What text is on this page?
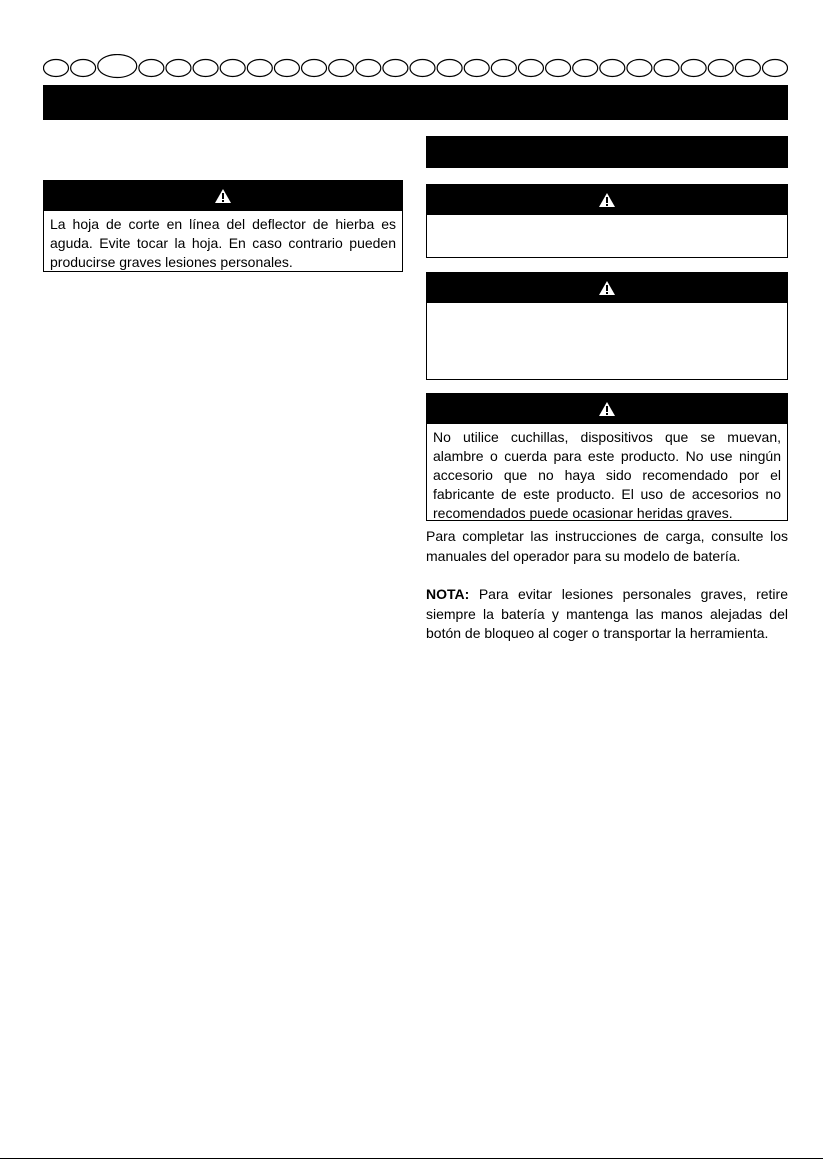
La hoja de corte en línea del deflector de hierba es aguda. Evite tocar la hoja. En caso contrario pueden producirse graves lesiones personales.
No utilice cuchillas, dispositivos que se muevan, alambre o cuerda para este producto. No use ningún accesorio que no haya sido recomendado por el fabricante de este producto. El uso de accesorios no recomendados puede ocasionar heridas graves.
Para completar las instrucciones de carga, consulte los manuales del operador para su modelo de batería.
NOTA: Para evitar lesiones personales graves, retire siempre la batería y mantenga las manos alejadas del botón de bloqueo al coger o transportar la herramienta.
